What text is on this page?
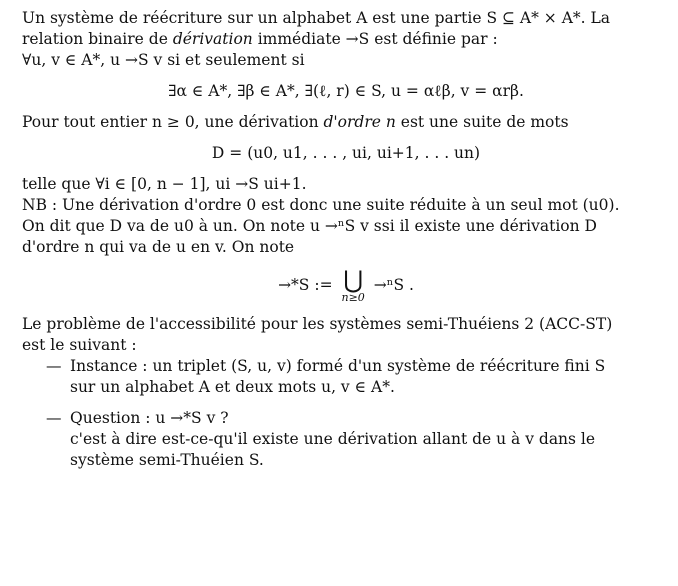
Un système de réécriture sur un alphabet A est une partie S ⊆ A* × A*. La
relation binaire de dérivation immédiate →S est définie par :
∀u, v ∈ A*, u →S v si et seulement si
∃α ∈ A*, ∃β ∈ A*, ∃(ℓ, r) ∈ S, u = αℓβ, v = αrβ.
Pour tout entier n ≥ 0, une dérivation d'ordre n est une suite de mots
D = (u0, u1, . . . , ui, ui+1, . . . un)
telle que ∀i ∈ [0, n − 1], ui →S ui+1.
NB : Une dérivation d'ordre 0 est donc une suite réduite à un seul mot (u0).
On dit que D va de u0 à un. On note u →ⁿS v ssi il existe une dérivation D
d'ordre n qui va de u en v. On note
→*S := ⋃
n≥0
→ⁿS .
Le problème de l'accessibilité pour les systèmes semi-Thuéiens 2 (ACC-ST)
est le suivant :
— Instance : un triplet (S, u, v) formé d'un système de réécriture fini S
sur un alphabet A et deux mots u, v ∈ A*.
— Question : u →*S v ?
c'est à dire est-ce-qu'il existe une dérivation allant de u à v dans le
système semi-Thuéien S.
